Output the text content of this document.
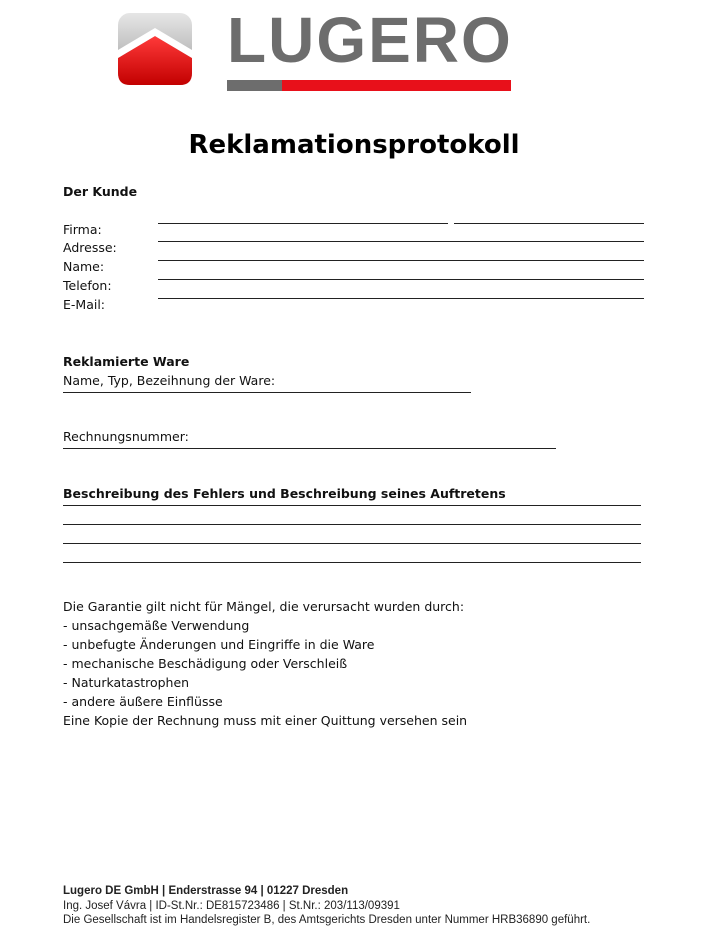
LUGERO
Reklamationsprotokoll
Der Kunde
Firma:
Adresse:
Name:
Telefon:
E-Mail:
Reklamierte Ware
Name, Typ, Bezeihnung der Ware:
Rechnungsnummer:
Beschreibung des Fehlers und Beschreibung seines Auftretens
Die Garantie gilt nicht für Mängel, die verursacht wurden durch:
- unsachgemäße Verwendung
- unbefugte Änderungen und Eingriffe in die Ware
- mechanische Beschädigung oder Verschleiß
- Naturkatastrophen
- andere äußere Einflüsse
Eine Kopie der Rechnung muss mit einer Quittung versehen sein
Lugero DE GmbH | Enderstrasse 94 | 01227 Dresden
Ing. Josef Vávra | ID-St.Nr.: DE815723486 | St.Nr.: 203/113/09391
Die Gesellschaft ist im Handelsregister B, des Amtsgerichts Dresden unter Nummer HRB36890 geführt.
